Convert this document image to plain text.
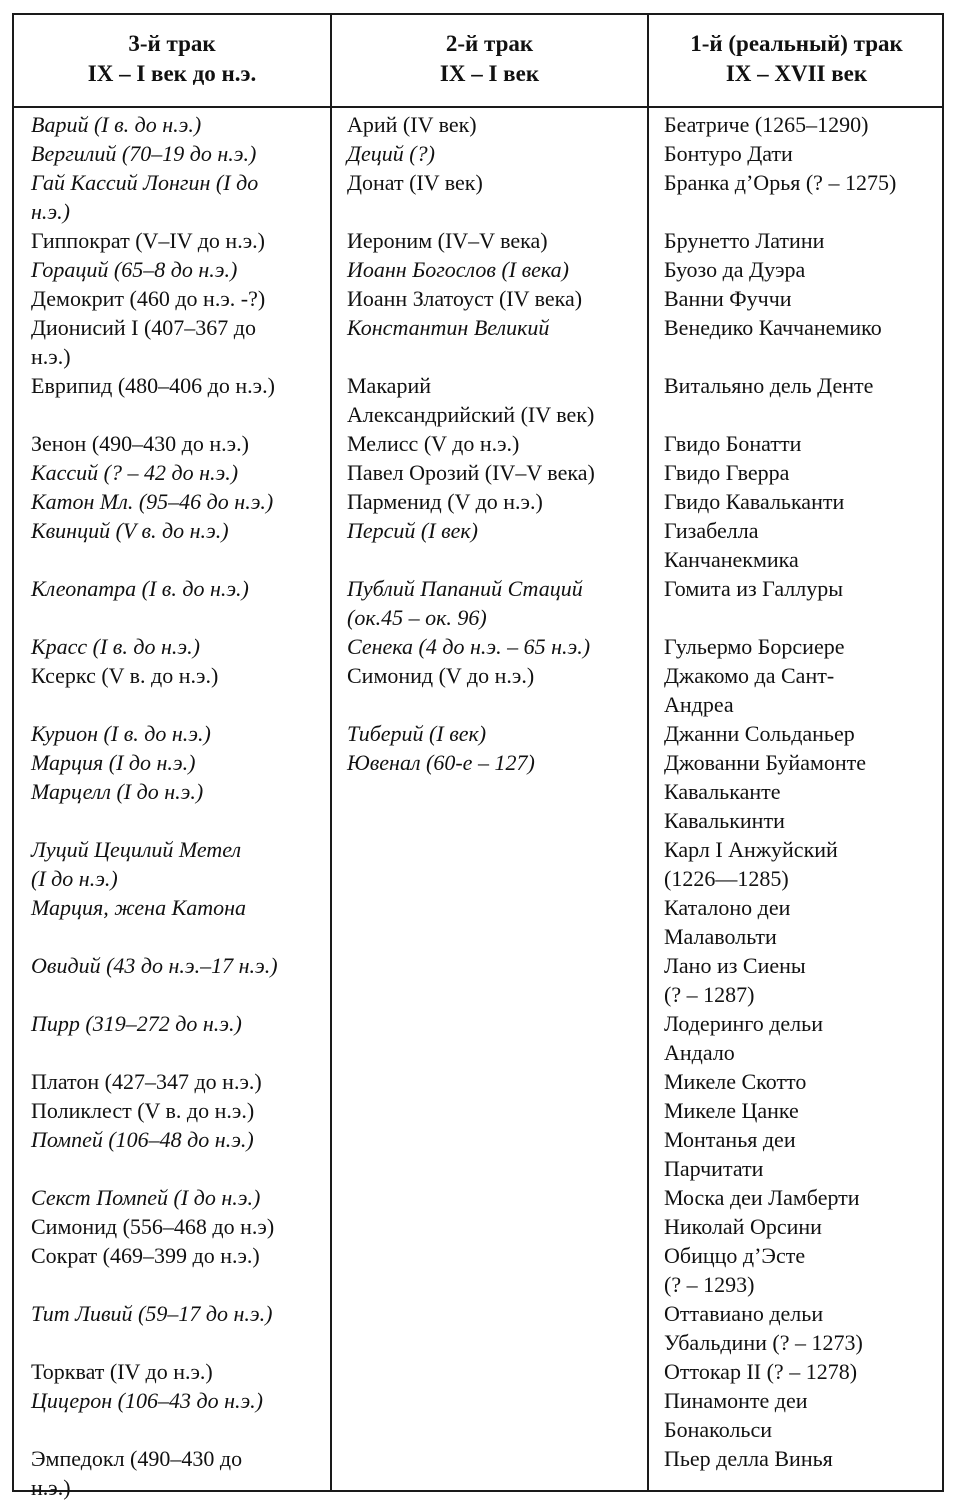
3-й трак
IX – I век до н.э.
2-й трак
IX – I век
1-й (реальный) трак
IX – XVII век
Варий (I в. до н.э.)
Вергилий (70–19 до н.э.)
Гай Кассий Лонгин (I до
н.э.)
Гиппократ (V–IV до н.э.)
Гораций (65–8 до н.э.)
Демокрит (460 до н.э. -?)
Дионисий I (407–367 до
н.э.)
Еврипид (480–406 до н.э.)
Зенон (490–430 до н.э.)
Кассий (? – 42 до н.э.)
Катон Мл. (95–46 до н.э.)
Квинций (V в. до н.э.)
Клеопатра (I в. до н.э.)
Красс (I в. до н.э.)
Ксеркс (V в. до н.э.)
Курион (I в. до н.э.)
Марция (I до н.э.)
Марцелл (I до н.э.)
Луций Цецилий Метел
(I до н.э.)
Марция, жена Катона
Овидий (43 до н.э.–17 н.э.)
Пирр (319–272 до н.э.)
Платон (427–347 до н.э.)
Поликлест (V в. до н.э.)
Помпей (106–48 до н.э.)
Секст Помпей (I до н.э.)
Симонид (556–468 до н.э)
Сократ (469–399 до н.э.)
Тит Ливий (59–17 до н.э.)
Торкват (IV до н.э.)
Цицерон (106–43 до н.э.)
Эмпедокл (490–430 до
н.э.)
Арий (IV век)
Деций (?)
Донат (IV век)
Иероним (IV–V века)
Иоанн Богослов (I века)
Иоанн Златоуст (IV века)
Константин Великий
Макарий
Александрийский (IV век)
Мелисс (V до н.э.)
Павел Орозий (IV–V века)
Парменид (V до н.э.)
Персий (I век)
Публий Папаний Стаций
(ок.45 – ок. 96)
Сенека (4 до н.э. – 65 н.э.)
Симонид (V до н.э.)
Тиберий (I век)
Ювенал (60-е – 127)
Беатриче (1265–1290)
Бонтуро Дати
Бранка д’Орья (? – 1275)
Брунетто Латини
Буозо да Дуэра
Ванни Фуччи
Венедико Каччанемико
Витальяно дель Денте
Гвидо Бонатти
Гвидо Гверра
Гвидо Кавальканти
Гизабелла
Канчанекмика
Гомита из Галлуры
Гульермо Борсиере
Джакомо да Сант-
Андреа
Джанни Сольданьер
Джованни Буйамонте
Кавальканте
Кавалькинти
Карл I Анжуйский
(1226—1285)
Каталоно деи
Малавольти
Лано из Сиены
(? – 1287)
Лодеринго дельи
Андало
Микеле Скотто
Микеле Цанке
Монтанья деи
Парчитати
Моска деи Ламберти
Николай Орсини
Обиццо д’Эсте
(? – 1293)
Оттавиано дельи
Убальдини (? – 1273)
Оттокар II (? – 1278)
Пинамонте деи
Бонакольси
Пьер делла Винья
